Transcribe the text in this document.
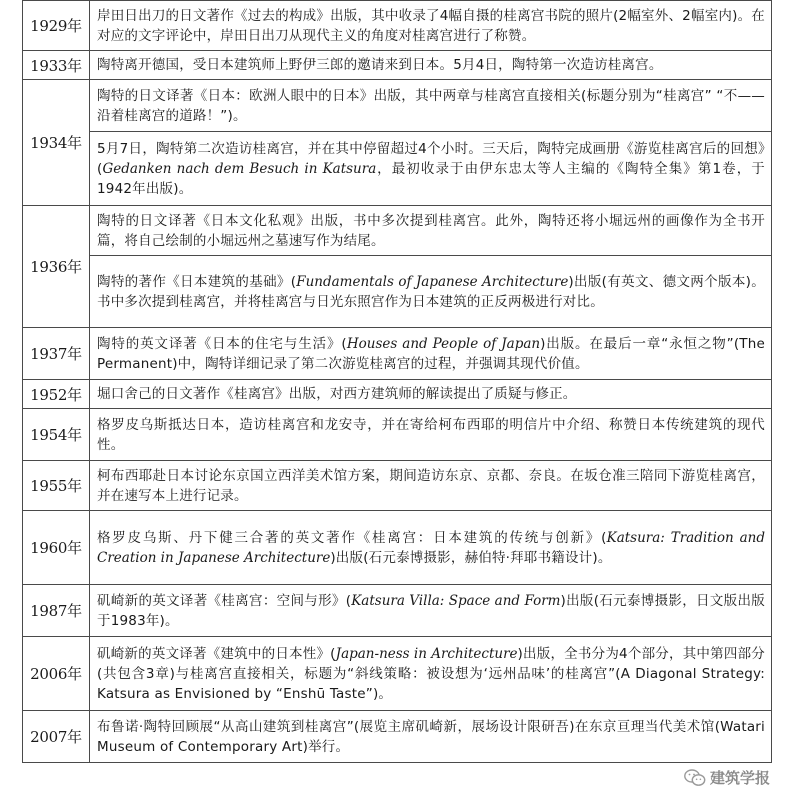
1929年	岸田日出刀的日文著作《过去的构成》出版，其中收录了4幅自摄的桂离宫书院的照片(2幅室外、2幅室内)。在对应的文字评论中，岸田日出刀从现代主义的角度对桂离宫进行了称赞。
1933年	陶特离开德国，受日本建筑师上野伊三郎的邀请来到日本。5月4日，陶特第一次造访桂离宫。
1934年	陶特的日文译著《日本：欧洲人眼中的日本》出版，其中两章与桂离宫直接相关(标题分别为“桂离宫” “不——沿着桂离宫的道路！”)。
	5月7日，陶特第二次造访桂离宫，并在其中停留超过4个小时。三天后，陶特完成画册《游览桂离宫后的回想》(Gedanken nach dem Besuch in Katsura，最初收录于由伊东忠太等人主编的《陶特全集》第1卷，于1942年出版)。
1936年	陶特的日文译著《日本文化私观》出版，书中多次提到桂离宫。此外，陶特还将小堀远州的画像作为全书开篇，将自己绘制的小堀远州之墓速写作为结尾。
	陶特的著作《日本建筑的基础》(Fundamentals of Japanese Architecture)出版(有英文、德文两个版本)。书中多次提到桂离宫，并将桂离宫与日光东照宫作为日本建筑的正反两极进行对比。
1937年	陶特的英文译著《日本的住宅与生活》(Houses and People of Japan)出版。在最后一章“永恒之物”(The Permanent)中，陶特详细记录了第二次游览桂离宫的过程，并强调其现代价值。
1952年	堀口舍己的日文著作《桂离宫》出版，对西方建筑师的解读提出了质疑与修正。
1954年	格罗皮乌斯抵达日本，造访桂离宫和龙安寺，并在寄给柯布西耶的明信片中介绍、称赞日本传统建筑的现代性。
1955年	柯布西耶赴日本讨论东京国立西洋美术馆方案，期间造访东京、京都、奈良。在坂仓准三陪同下游览桂离宫，并在速写本上进行记录。
1960年	格罗皮乌斯、丹下健三合著的英文著作《桂离宫：日本建筑的传统与创新》(Katsura: Tradition and Creation in Japanese Architecture)出版(石元泰博摄影，赫伯特·拜耶书籍设计)。
1987年	矶崎新的英文译著《桂离宫：空间与形》(Katsura Villa: Space and Form)出版(石元泰博摄影，日文版出版于1983年)。
2006年	矶崎新的英文译著《建筑中的日本性》(Japan-ness in Architecture)出版，全书分为4个部分，其中第四部分(共包含3章)与桂离宫直接相关，标题为“斜线策略：被设想为‘远州品味’的桂离宫”(A Diagonal Strategy: Katsura as Envisioned by “Enshū Taste”)。
2007年	布鲁诺·陶特回顾展“从高山建筑到桂离宫”(展览主席矶崎新，展场设计限研吾)在东京亘理当代美术馆(Watari Museum of Contemporary Art)举行。
建筑学报
